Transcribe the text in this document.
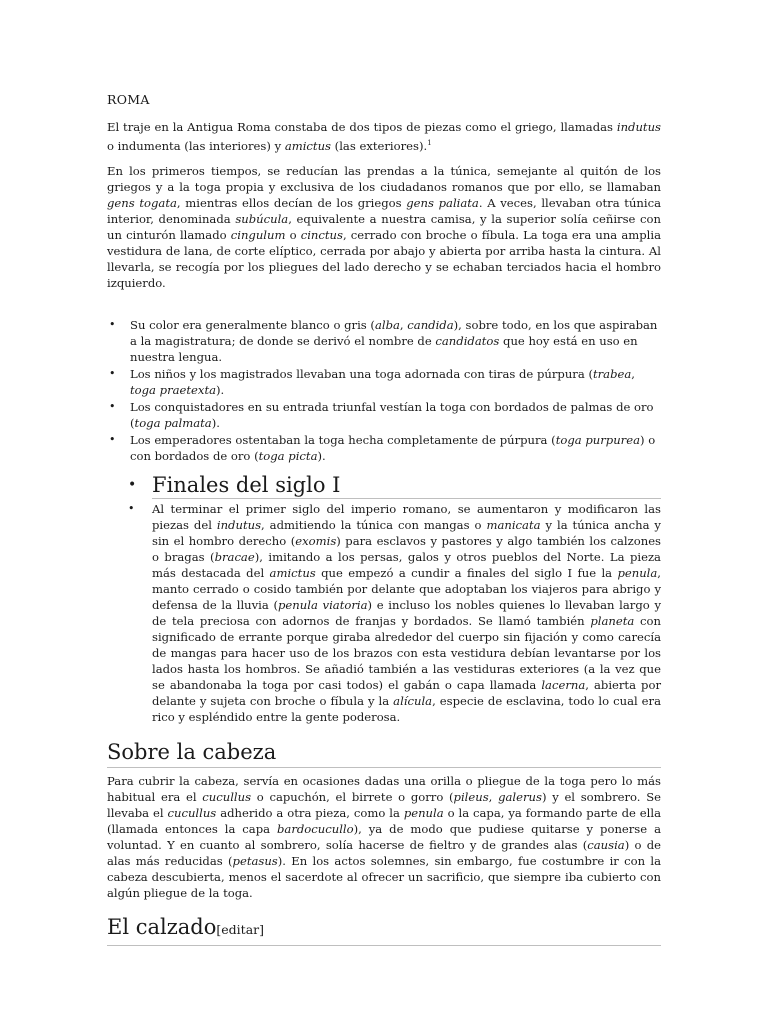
ROMA

El traje en la Antigua Roma constaba de dos tipos de piezas como el griego, llamadas indutus o indumenta (las interiores) y amictus (las exteriores).$^1$

En los primeros tiempos, se reducían las prendas a la túnica, semejante al quitón de los griegos y a la toga propia y exclusiva de los ciudadanos romanos que por ello, se llamaban gens togata, mientras ellos decían de los griegos gens paliata. A veces, llevaban otra túnica interior, denominada subúcula, equivalente a nuestra camisa, y la superior solía ceñirse con un cinturón llamado cingulum o cinctus, cerrado con broche o fíbula. La toga era una amplia vestidura de lana, de corte elíptico, cerrada por abajo y abierta por arriba hasta la cintura. Al llevarla, se recogía por los pliegues del lado derecho y se echaban terciados hacia el hombro izquierdo.

• Su color era generalmente blanco o gris (alba, candida), sobre todo, en los que aspiraban a la magistratura; de donde se derivó el nombre de candidatos que hoy está en uso en nuestra lengua.
• Los niños y los magistrados llevaban una toga adornada con tiras de púrpura (trabea, toga praetexta).
• Los conquistadores en su entrada triunfal vestían la toga con bordados de palmas de oro (toga palmata).
• Los emperadores ostentaban la toga hecha completamente de púrpura (toga purpurea) o con bordados de oro (toga picta).
• Finales del siglo I
• Al terminar el primer siglo del imperio romano, se aumentaron y modificaron las piezas del indutus, admitiendo la túnica con mangas o manicata y la túnica ancha y sin el hombro derecho (exomis) para esclavos y pastores y algo también los calzones o bragas (bracae), imitando a los persas, galos y otros pueblos del Norte. La pieza más destacada del amictus que empezó a cundir a finales del siglo I fue la penula, manto cerrado o cosido también por delante que adoptaban los viajeros para abrigo y defensa de la lluvia (penula viatoria) e incluso los nobles quienes lo llevaban largo y de tela preciosa con adornos de franjas y bordados. Se llamó también planeta con significado de errante porque giraba alrededor del cuerpo sin fijación y como carecía de mangas para hacer uso de los brazos con esta vestidura debían levantarse por los lados hasta los hombros. Se añadió también a las vestiduras exteriores (a la vez que se abandonaba la toga por casi todos) el gabán o capa llamada lacerna, abierta por delante y sujeta con broche o fíbula y la alícula, especie de esclavina, todo lo cual era rico y espléndido entre la gente poderosa.
Sobre la cabeza

Para cubrir la cabeza, servía en ocasiones dadas una orilla o pliegue de la toga pero lo más habitual era el cucullus o capuchón, el birrete o gorro (pileus, galerus) y el sombrero. Se llevaba el cucullus adherido a otra pieza, como la penula o la capa, ya formando parte de ella (llamada entonces la capa bardocucullo), ya de modo que pudiese quitarse y ponerse a voluntad. Y en cuanto al sombrero, solía hacerse de fieltro y de grandes alas (causia) o de alas más reducidas (petasus). En los actos solemnes, sin embargo, fue costumbre ir con la cabeza descubierta, menos el sacerdote al ofrecer un sacrificio, que siempre iba cubierto con algún pliegue de la toga.

El calzado[editar]
